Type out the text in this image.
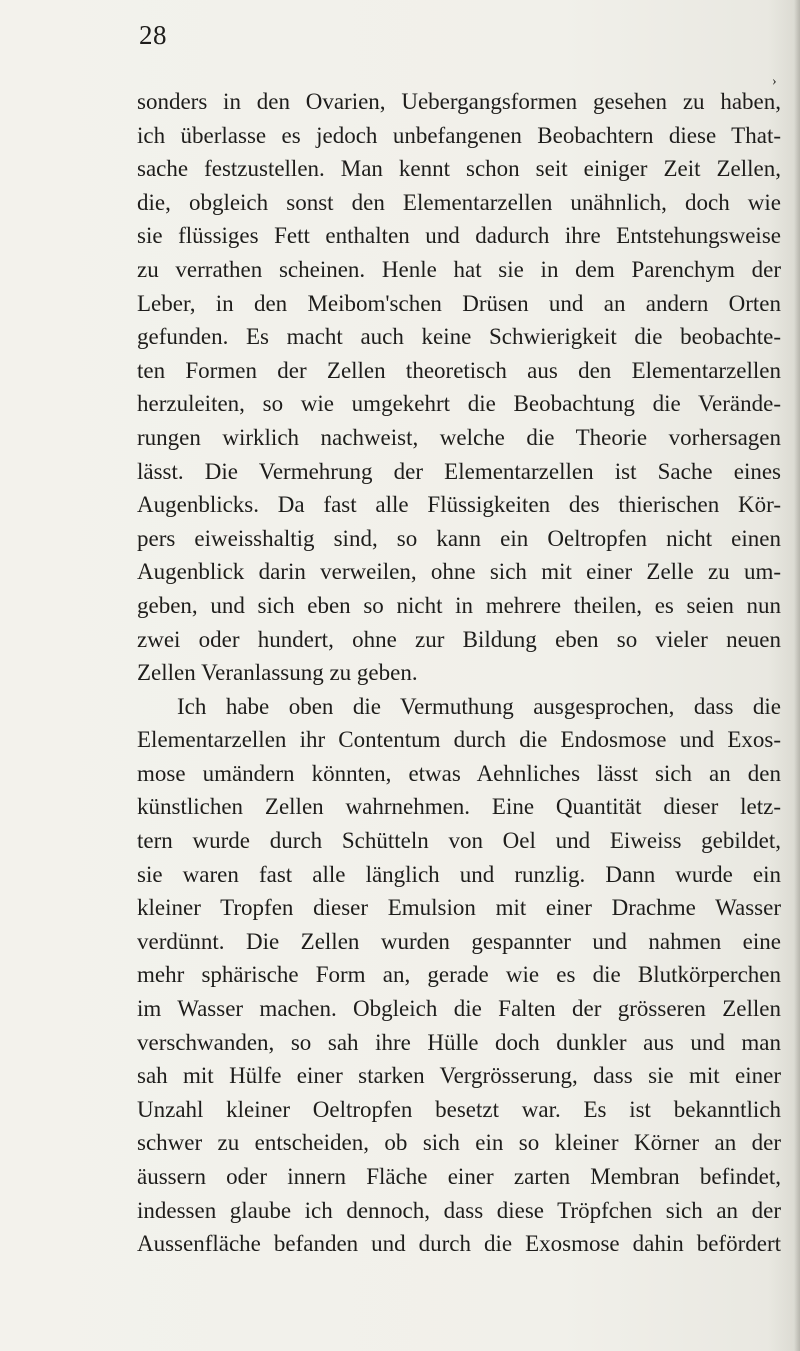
28
›
sonders in den Ovarien, Uebergangsformen gesehen zu haben,
ich überlasse es jedoch unbefangenen Beobachtern diese That-
sache festzustellen. Man kennt schon seit einiger Zeit Zellen,
die, obgleich sonst den Elementarzellen unähnlich, doch wie
sie flüssiges Fett enthalten und dadurch ihre Entstehungsweise
zu verrathen scheinen. Henle hat sie in dem Parenchym der
Leber, in den Meibom'schen Drüsen und an andern Orten
gefunden. Es macht auch keine Schwierigkeit die beobachte-
ten Formen der Zellen theoretisch aus den Elementarzellen
herzuleiten, so wie umgekehrt die Beobachtung die Verände-
rungen wirklich nachweist, welche die Theorie vorhersagen
lässt. Die Vermehrung der Elementarzellen ist Sache eines
Augenblicks. Da fast alle Flüssigkeiten des thierischen Kör-
pers eiweisshaltig sind, so kann ein Oeltropfen nicht einen
Augenblick darin verweilen, ohne sich mit einer Zelle zu um-
geben, und sich eben so nicht in mehrere theilen, es seien nun
zwei oder hundert, ohne zur Bildung eben so vieler neuen
Zellen Veranlassung zu geben.
Ich habe oben die Vermuthung ausgesprochen, dass die
Elementarzellen ihr Contentum durch die Endosmose und Exos-
mose umändern könnten, etwas Aehnliches lässt sich an den
künstlichen Zellen wahrnehmen. Eine Quantität dieser letz-
tern wurde durch Schütteln von Oel und Eiweiss gebildet,
sie waren fast alle länglich und runzlig. Dann wurde ein
kleiner Tropfen dieser Emulsion mit einer Drachme Wasser
verdünnt. Die Zellen wurden gespannter und nahmen eine
mehr sphärische Form an, gerade wie es die Blutkörperchen
im Wasser machen. Obgleich die Falten der grösseren Zellen
verschwanden, so sah ihre Hülle doch dunkler aus und man
sah mit Hülfe einer starken Vergrösserung, dass sie mit einer
Unzahl kleiner Oeltropfen besetzt war. Es ist bekanntlich
schwer zu entscheiden, ob sich ein so kleiner Körner an der
äussern oder innern Fläche einer zarten Membran befindet,
indessen glaube ich dennoch, dass diese Tröpfchen sich an der
Aussenfläche befanden und durch die Exosmose dahin befördert
